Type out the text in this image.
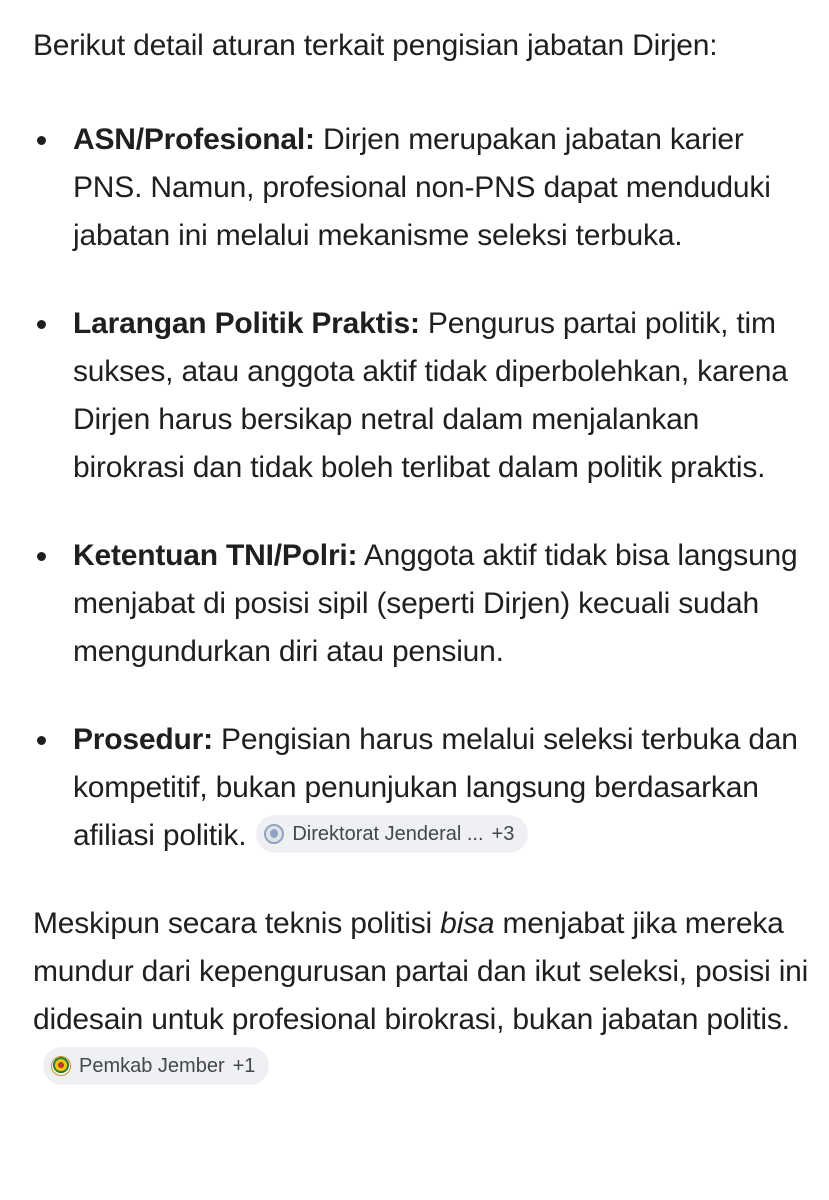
Berikut detail aturan terkait pengisian jabatan Dirjen:

ASN/Profesional: Dirjen merupakan jabatan karier PNS. Namun, profesional non-PNS dapat menduduki jabatan ini melalui mekanisme seleksi terbuka.
Larangan Politik Praktis: Pengurus partai politik, tim sukses, atau anggota aktif tidak diperbolehkan, karena Dirjen harus bersikap netral dalam menjalankan birokrasi dan tidak boleh terlibat dalam politik praktis.
Ketentuan TNI/Polri: Anggota aktif tidak bisa langsung menjabat di posisi sipil (seperti Dirjen) kecuali sudah mengundurkan diri atau pensiun.
Prosedur: Pengisian harus melalui seleksi terbuka dan kompetitif, bukan penunjukan langsung berdasarkan afiliasi politik. Direktorat Jenderal ... +3

Meskipun secara teknis politisi bisa menjabat jika mereka mundur dari kepengurusan partai dan ikut seleksi, posisi ini didesain untuk profesional birokrasi, bukan jabatan politis.
Pemkab Jember +1
